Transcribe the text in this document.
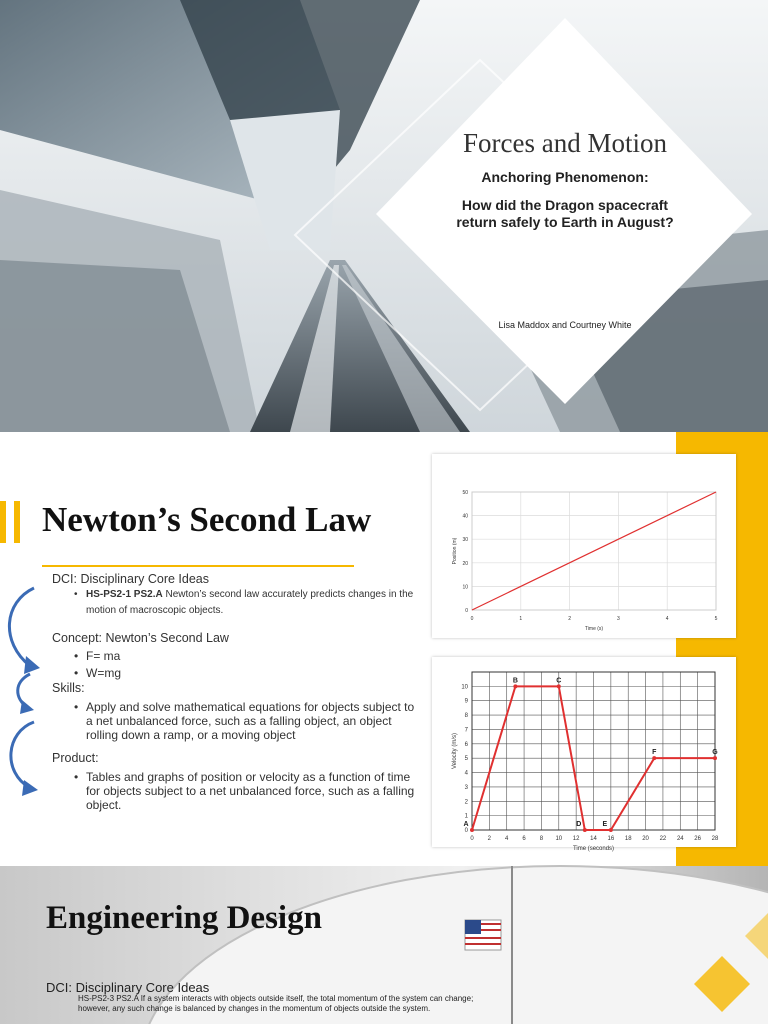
Forces and Motion

Anchoring Phenomenon:

How did the Dragon spacecraft return safely to Earth in August?

Lisa Maddox and Courtney White
Newton’s Second Law

DCI: Disciplinary Core Ideas

• HS-PS2-1 PS2.A Newton’s second law accurately predicts changes in the motion of macroscopic objects.

Concept: Newton’s Second Law

• F= ma
• W=mg

Skills:

• Apply and solve mathematical equations for objects subject to a net unbalanced force, such as a falling object, an object rolling down a ramp, or a moving object

Product:

• Tables and graphs of position or velocity as a function of time for objects subject to a net unbalanced force, such as a falling object.
0	1	2	3	4	5
0
10
20
30
40
50
Time (s)
Position (m)
0 2 4 6 8 10 12 14 16 18 20 22 24 26 28
0
1
2
3
4
5
6
7
8
9
10
Time (seconds)
Velocity (m/s)
A
B	C
D	E
F	G
Engineering Design
DCI: Disciplinary Core Ideas
HS-PS2-3 PS2.A If a system interacts with objects outside itself, the total momentum of the system can change; however, any such change is balanced by changes in the momentum of objects outside the system.
